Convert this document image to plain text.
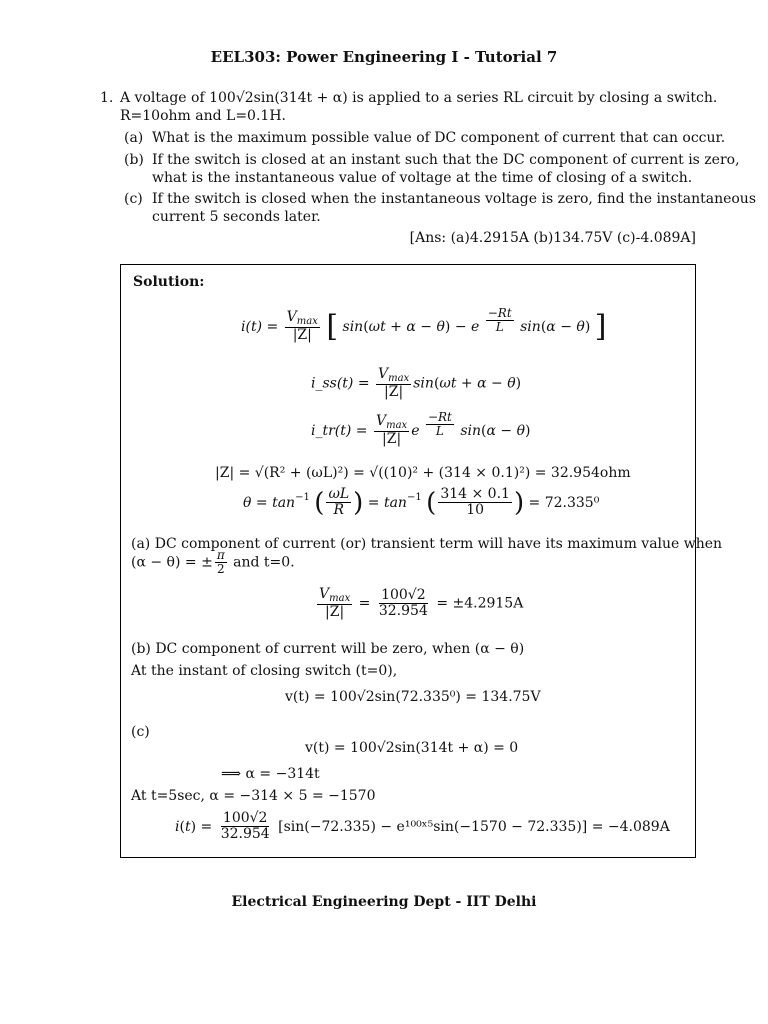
EEL303: Power Engineering I - Tutorial 7
1. A voltage of 100√2sin(314t + α) is applied to a series RL circuit by closing a switch.
R=10ohm and L=0.1H.
(a) What is the maximum possible value of DC component of current that can occur.
(b) If the switch is closed at an instant such that the DC component of current is zero,
what is the instantaneous value of voltage at the time of closing of a switch.
(c) If the switch is closed when the instantaneous voltage is zero, find the instantaneous
current 5 seconds later.
[Ans: (a)4.2915A (b)134.75V (c)-4.089A]
Solution:
$i(t) = \frac{V_{max}}{|Z|}$ [ sin(ωt + α − θ) − e $\frac{-Rt}{L} \sin(\alpha - \theta)$ ]
i_ss(t) = $\frac{V_{max}}{|Z|} \sin(\omega t + \alpha - \theta)$
i_tr(t) = $\frac{V_{max}}{|Z|}$ e $\frac{-Rt}{L} \sin(\alpha - \theta)$
|Z| = √(R² + (ωL)²) = √((10)² + (314 × 0.1)²) = 32.954ohm
$\theta = \tan^{-1}$ ( $\frac{\omega L}{R}$ ) = $\tan^{-1}$ ( $\frac{314 \times 0.1}{10}$ ) = 72.335⁰
(a) DC component of current (or) transient term will have its maximum value when
(α − θ) = ± $\frac{\pi}{2}$ and t=0.
$\frac{V_{max}}{|Z|} = \frac{100√2}{32.954} = \pm 4.2915A$
(b) DC component of current will be zero, when (α − θ)
At the instant of closing switch (t=0),
v(t) = 100√2sin(72.335⁰) = 134.75V
(c)
v(t) = 100√2sin(314t + α) = 0
⟹ α = −314t
At t=5sec, α = −314 × 5 = −1570
$i(t) = \frac{100√2}{32.954} [\sin(-72.335)$ − e¹⁰⁰ˣ⁵sin(−1570 − 72.335)] = −4.089A
Electrical Engineering Dept - IIT Delhi
